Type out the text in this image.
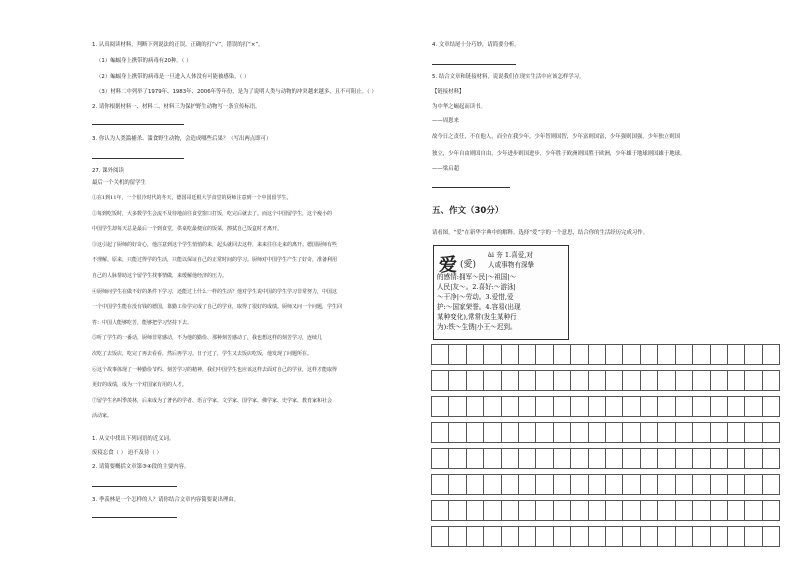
1. 认真阅读材料，判断下列说法的正误，正确的打“√”，错误的打“×”。
（1）蝙蝠身上携带的病毒有20种。（ ）
（2）蝙蝠身上携带的病毒是一旦进入人体没有可能被感染。（ ）
（3）材料二中列举了1979年、1983年、2006年等年份，是为了说明人类与动物的冲突越来越多，且不可阻止。（ ）
2. 请你根据材料一、材料二、材料三为保护野生动物写一条宣传标语。
3. 你认为人类滥捕杀、滥食野生动物，会造成哪些后果？（写出两点即可）
27. 课外阅读
最后一个关机的留学生
①在1到11年，一个很冷时代的冬天，德国哥廷根大学食堂的厨师注意到一个中国留学生。
②每到吃饭时，大多数学生会流不及待地前往食堂窗口打饭，吃完后就去了。而这个中国留学生，这个瘦小的
中国学生却每天总是最后一个到食堂，供桌吃最便宜的饭菜，擦拭自己饭盒时才离开。
③这引起了厨师的好奇心，他注意到这个学生悄悄的来，起头就回去这样，来来往往走来的离开。德国厨师有些
不理解。原来，只能过得学的生活，只能以保证自己的正常时间的学习。厨师对中国学生产生了好奇，准备利用
自己的人脉帮助这个留学生找事情做，来缓解他经济的压力。
④厨师问学生在做不好的条件下学习，还能过上什么一样的生活？他对学生说中国的学生学习非常努力，中国这
一个中国学生能在没有钱的德国，靠勤工俭学完成了自己的学业，取得了很好的成绩。厨师又问一个问题，学生回
答：中国人能够吃苦，能够把学习坚持下去。
⑤听了学生的一番话，厨师非常感动，不为他的勤俭、那种刻苦感动了，我也想这样的刻苦学习，连续几
次吃了去饭店，吃完了再去看看，然后再学习。日子过了，学生又去饭店吃饭，他发现了问题所在。
⑥这个故事体现了一种勤俭节约、刻苦学习的精神，我们中国学生也应该这样去面对自己的学业，这样才能取得
更好的成绩，成为一个对国家有用的人才。
⑦留学生名叫季羡林，后来成为了著名的学者、语言学家、文学家、国学家、佛学家、史学家、教育家和社会
活动家。
1. 从文中找出下列词语的近义词。
废寝忘食（ ） 迫不及待（ ）
2. 请简要概括文章第③④段的主要内容。
3. 季羡林是一个怎样的人？请你结合文章内容简要说出理由。
4. 文章结尾十分巧妙，请简要分析。
5. 结合文章和链接材料，说说我们在现实生活中应该怎样学习。
【链接材料】
为中华之崛起而读书。
——周恩来
故今日之责任，不在他人，而全在我少年。少年智则国智，少年富则国富，少年强则国强，少年独立则国
独立，少年自由则国自由，少年进步则国进步，少年胜于欧洲则国胜于欧洲，少年雄于地球则国雄于地球。
——梁启超
五、作文（30分）
请看图，“爱”在新华字典中的解释。选择“爱”字的一个意思，结合你的生活经历完成习作。
爱 (愛)
ài 夯 1.喜爱,对
人或事物有深挚
的感情:拥军～民|～祖国|～
人民|友～。2.喜好:～游泳|
～干净|～劳动。3.爱惜,爱
护:～国家荣誉。4.容易(出现
某种变化),常常(发生某种行
为):铁～生锈|小王～迟到。
